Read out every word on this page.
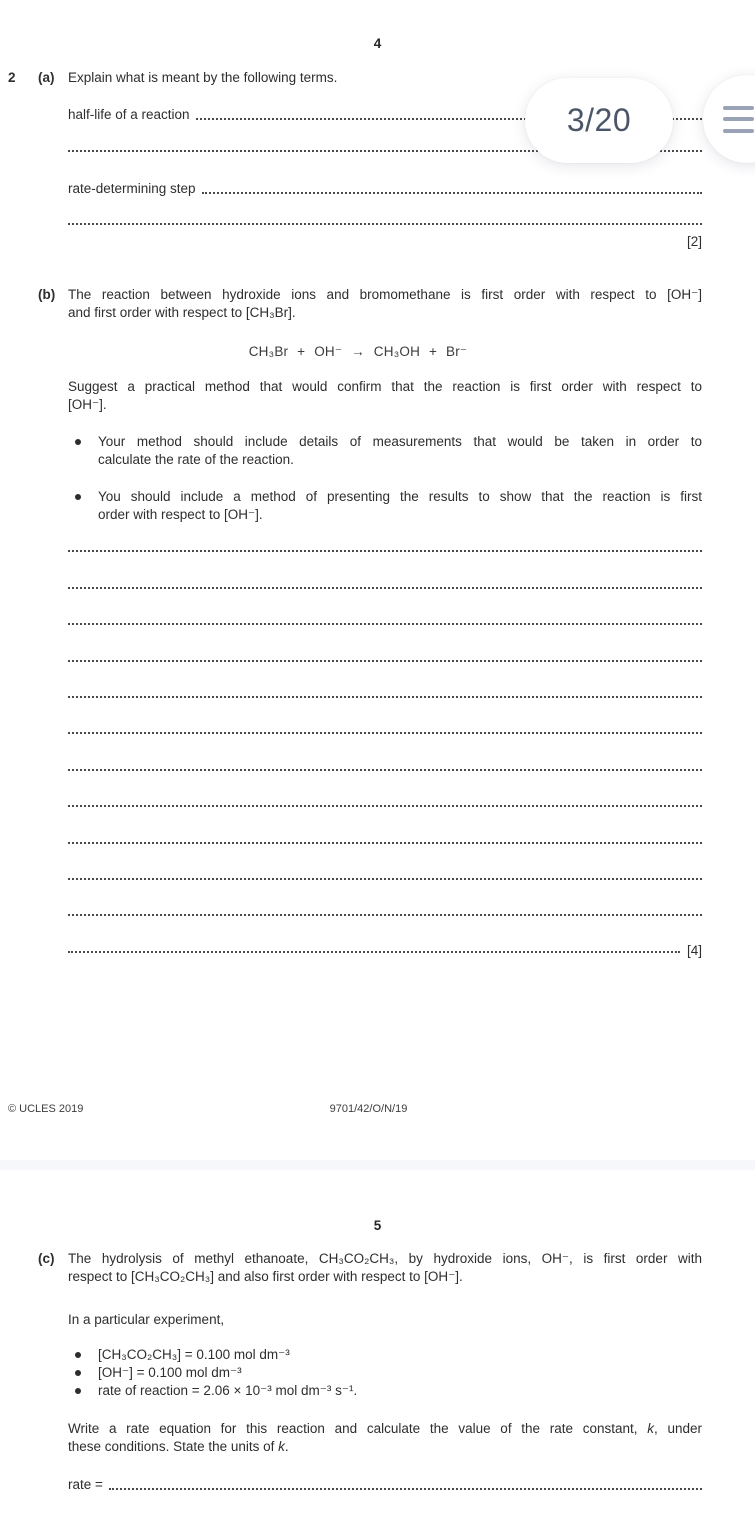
4
2	(a)	Explain what is meant by the following terms.
half-life of a reaction
rate-determining step
[2]
(b) The reaction between hydroxide ions and bromomethane is first order with respect to [OH⁻]
and first order with respect to [CH₃Br].
CH₃Br + OH⁻ → CH₃OH + Br⁻
Suggest a practical method that would confirm that the reaction is first order with respect to
[OH⁻].
Your method should include details of measurements that would be taken in order to
calculate the rate of the reaction.
You should include a method of presenting the results to show that the reaction is first
order with respect to [OH⁻].
[4]
© UCLES 2019	9701/42/O/N/19
5
(c)	The hydrolysis of methyl ethanoate, CH₃CO₂CH₃, by hydroxide ions, OH⁻, is first order with
respect to [CH₃CO₂CH₃] and also first order with respect to [OH⁻].
In a particular experiment,
[CH₃CO₂CH₃] = 0.100 mol dm⁻³
[OH⁻] = 0.100 mol dm⁻³
rate of reaction = 2.06 × 10⁻³ mol dm⁻³ s⁻¹.
Write a rate equation for this reaction and calculate the value of the rate constant, k, under
these conditions. State the units of k.
rate =
3/20
